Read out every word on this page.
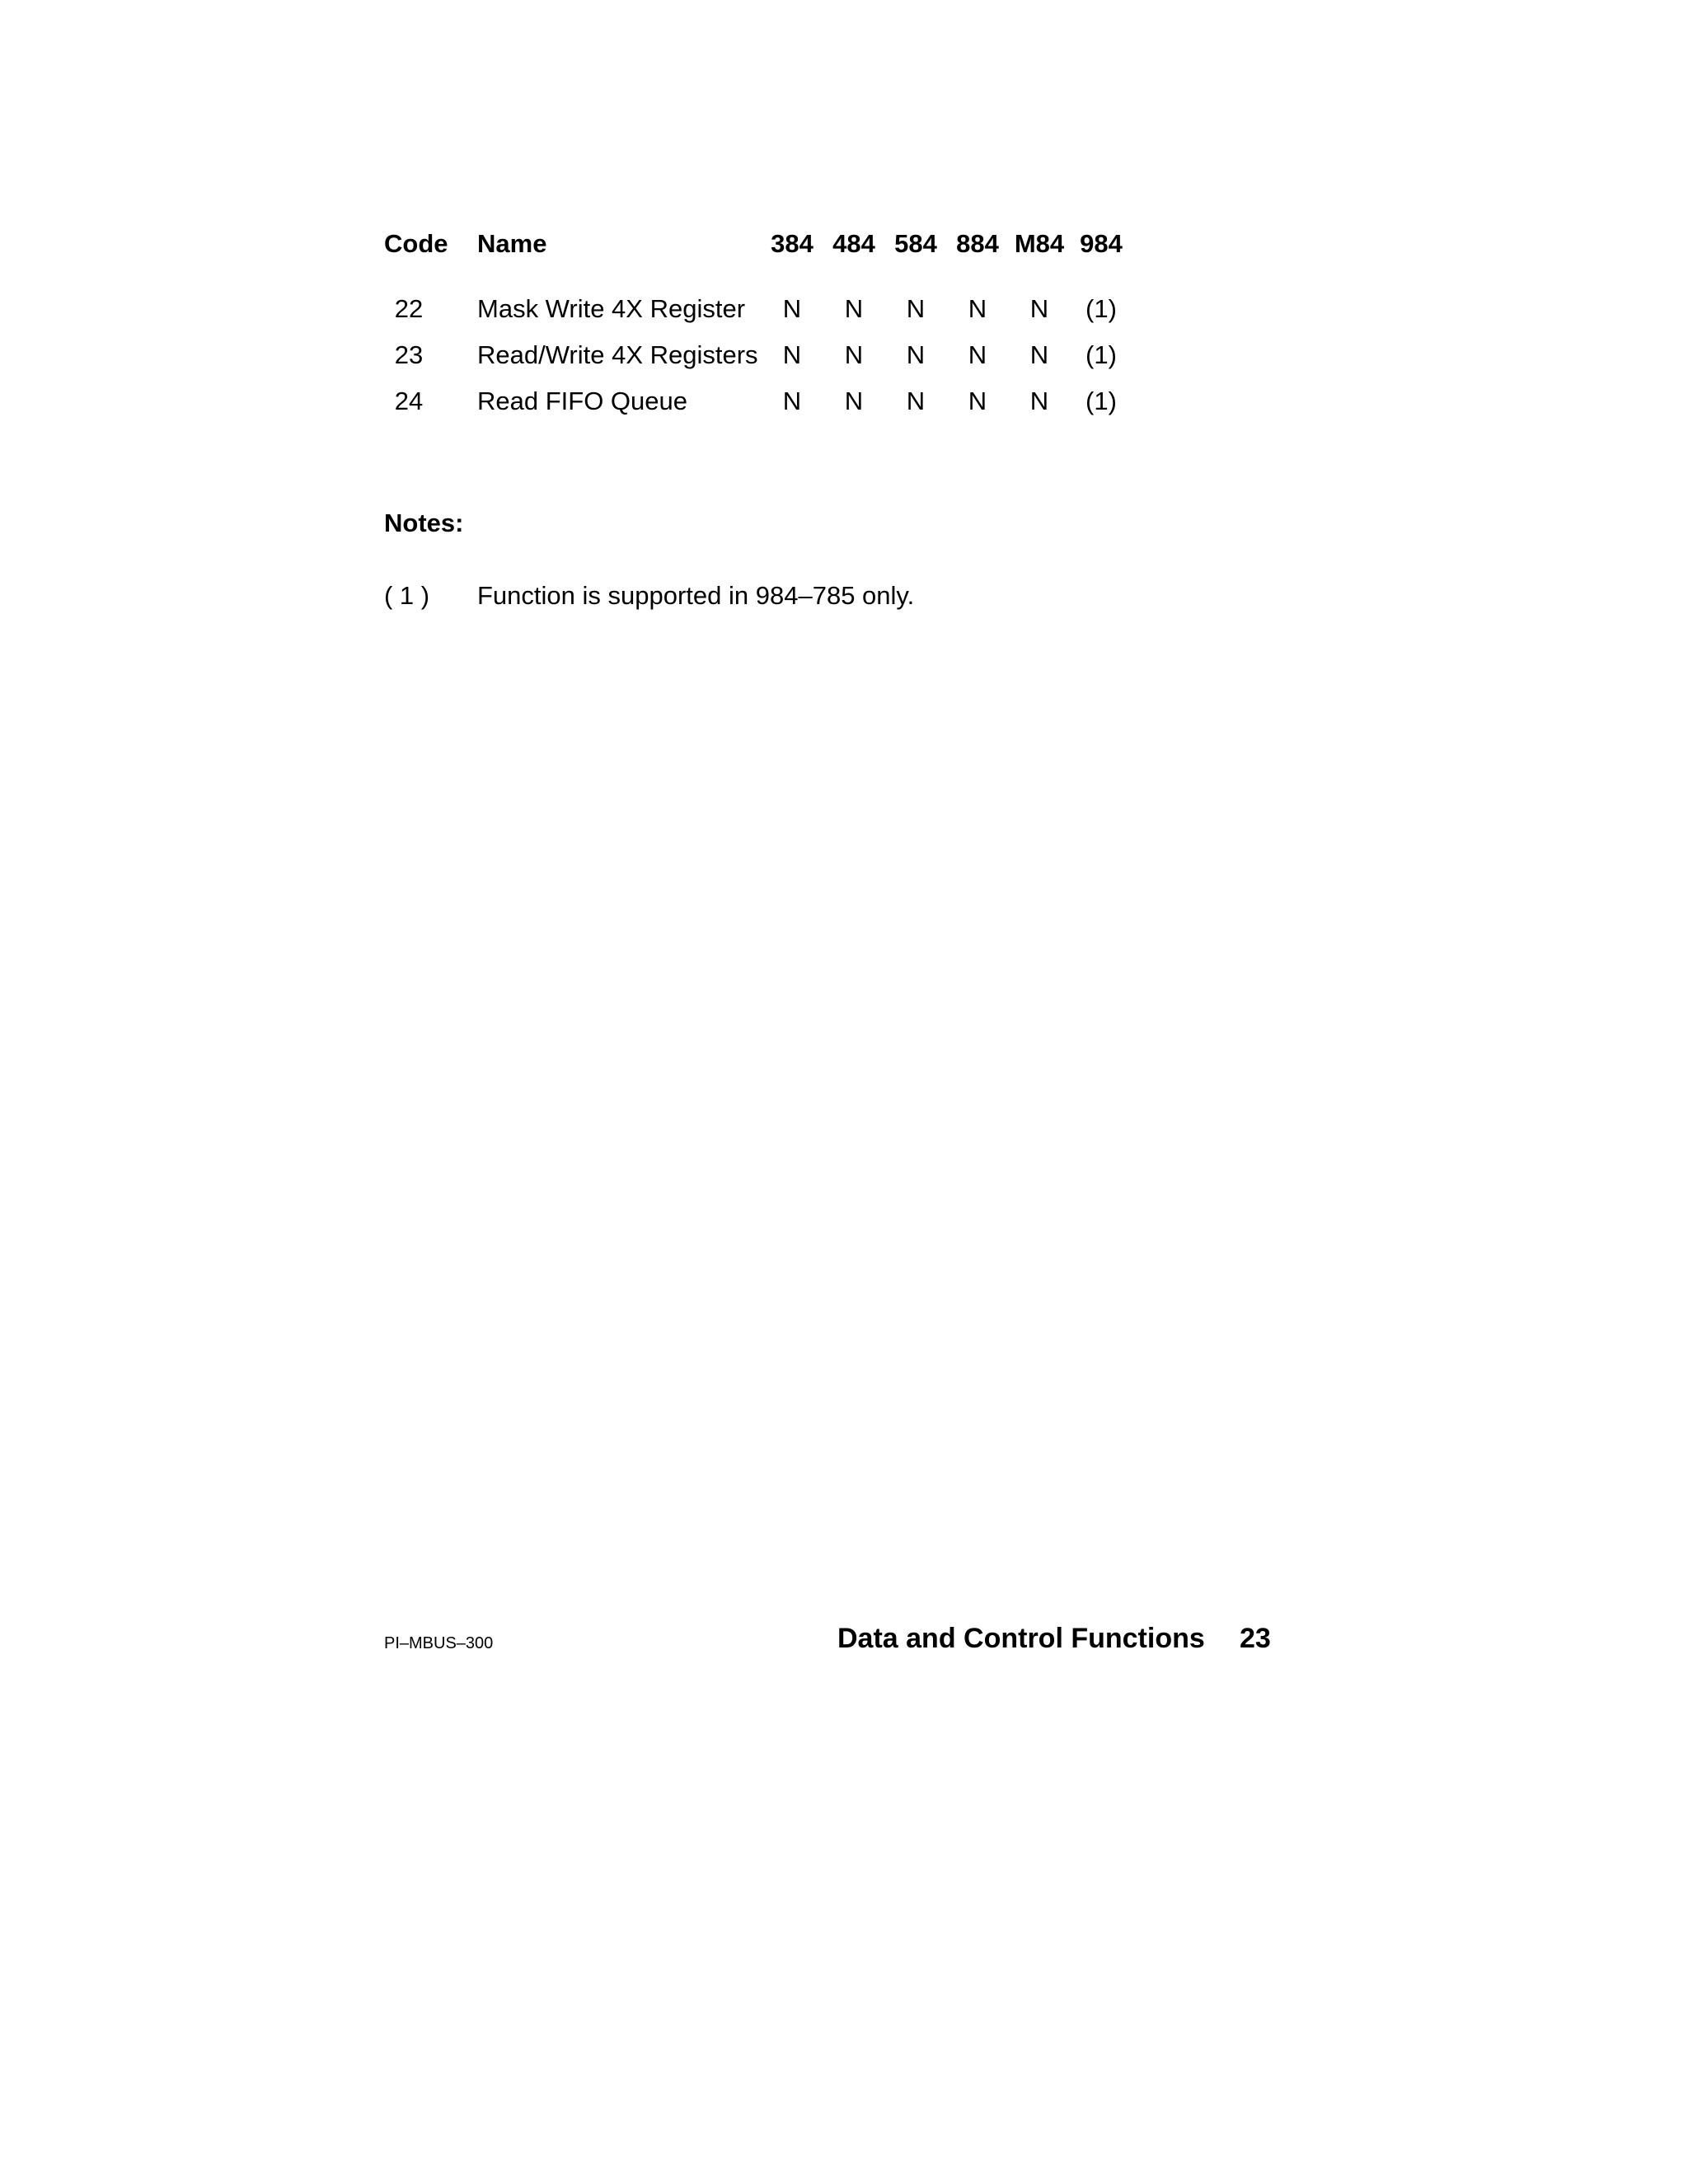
Code Name	384 484 584 884 M84 984
22	Mask Write 4X Register	N	N	N	N	N	(1)
23	Read/Write 4X Registers N	N	N	N	N	(1)
24	Read FIFO Queue	N	N	N	N	N	(1)
Notes:
( 1 ) Function is supported in 984–785 only.
PI–MBUS–300	Data and Control Functions 23
